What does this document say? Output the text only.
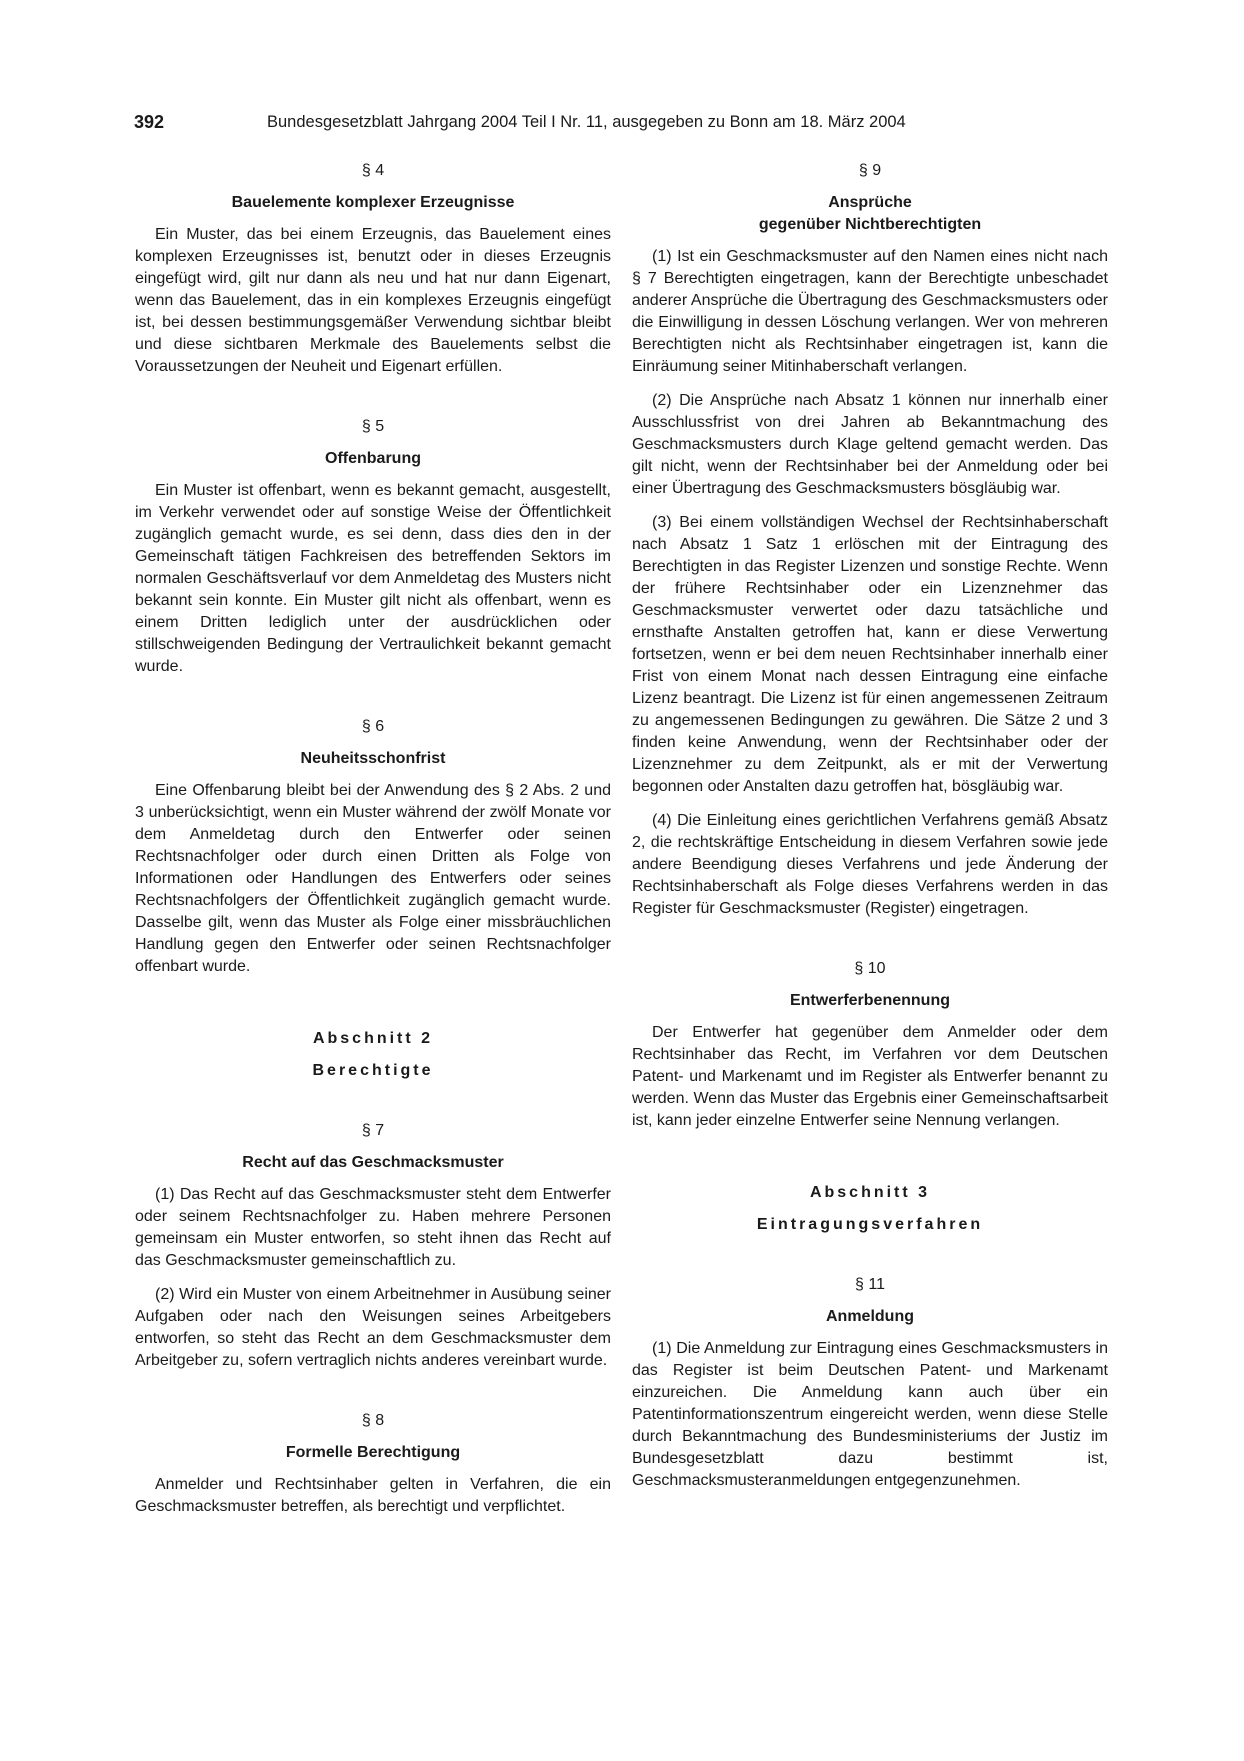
392	Bundesgesetzblatt Jahrgang 2004 Teil I Nr. 11, ausgegeben zu Bonn am 18. März 2004

§ 4

Bauelemente komplexer Erzeugnisse

Ein Muster, das bei einem Erzeugnis, das Bauelement eines komplexen Erzeugnisses ist, benutzt oder in dieses Erzeugnis eingefügt wird, gilt nur dann als neu und hat nur dann Eigenart, wenn das Bauelement, das in ein komplexes Erzeugnis eingefügt ist, bei dessen bestimmungsgemäßer Verwendung sichtbar bleibt und diese sichtbaren Merkmale des Bauelements selbst die Voraussetzungen der Neuheit und Eigenart erfüllen.

§ 5

Offenbarung

Ein Muster ist offenbart, wenn es bekannt gemacht, ausgestellt, im Verkehr verwendet oder auf sonstige Weise der Öffentlichkeit zugänglich gemacht wurde, es sei denn, dass dies den in der Gemeinschaft tätigen Fachkreisen des betreffenden Sektors im normalen Geschäftsverlauf vor dem Anmeldetag des Musters nicht bekannt sein konnte. Ein Muster gilt nicht als offenbart, wenn es einem Dritten lediglich unter der ausdrücklichen oder stillschweigenden Bedingung der Vertraulichkeit bekannt gemacht wurde.

§ 6

Neuheitsschonfrist

Eine Offenbarung bleibt bei der Anwendung des § 2 Abs. 2 und 3 unberücksichtigt, wenn ein Muster während der zwölf Monate vor dem Anmeldetag durch den Entwerfer oder seinen Rechtsnachfolger oder durch einen Dritten als Folge von Informationen oder Handlungen des Entwerfers oder seines Rechtsnachfolgers der Öffentlichkeit zugänglich gemacht wurde. Dasselbe gilt, wenn das Muster als Folge einer missbräuchlichen Handlung gegen den Entwerfer oder seinen Rechtsnachfolger offenbart wurde.

Abschnitt 2

Berechtigte

§ 7

Recht auf das Geschmacksmuster

(1) Das Recht auf das Geschmacksmuster steht dem Entwerfer oder seinem Rechtsnachfolger zu. Haben mehrere Personen gemeinsam ein Muster entworfen, so steht ihnen das Recht auf das Geschmacksmuster gemeinschaftlich zu.

(2) Wird ein Muster von einem Arbeitnehmer in Ausübung seiner Aufgaben oder nach den Weisungen seines Arbeitgebers entworfen, so steht das Recht an dem Geschmacksmuster dem Arbeitgeber zu, sofern vertraglich nichts anderes vereinbart wurde.

§ 8

Formelle Berechtigung

Anmelder und Rechtsinhaber gelten in Verfahren, die ein Geschmacksmuster betreffen, als berechtigt und verpflichtet.

§ 9

Ansprüche

gegenüber Nichtberechtigten

(1) Ist ein Geschmacksmuster auf den Namen eines nicht nach § 7 Berechtigten eingetragen, kann der Berechtigte unbeschadet anderer Ansprüche die Übertragung des Geschmacksmusters oder die Einwilligung in dessen Löschung verlangen. Wer von mehreren Berechtigten nicht als Rechtsinhaber eingetragen ist, kann die Einräumung seiner Mitinhaberschaft verlangen.

(2) Die Ansprüche nach Absatz 1 können nur innerhalb einer Ausschlussfrist von drei Jahren ab Bekanntmachung des Geschmacksmusters durch Klage geltend gemacht werden. Das gilt nicht, wenn der Rechtsinhaber bei der Anmeldung oder bei einer Übertragung des Geschmacksmusters bösgläubig war.

(3) Bei einem vollständigen Wechsel der Rechtsinhaberschaft nach Absatz 1 Satz 1 erlöschen mit der Eintragung des Berechtigten in das Register Lizenzen und sonstige Rechte. Wenn der frühere Rechtsinhaber oder ein Lizenznehmer das Geschmacksmuster verwertet oder dazu tatsächliche und ernsthafte Anstalten getroffen hat, kann er diese Verwertung fortsetzen, wenn er bei dem neuen Rechtsinhaber innerhalb einer Frist von einem Monat nach dessen Eintragung eine einfache Lizenz beantragt. Die Lizenz ist für einen angemessenen Zeitraum zu angemessenen Bedingungen zu gewähren. Die Sätze 2 und 3 finden keine Anwendung, wenn der Rechtsinhaber oder der Lizenznehmer zu dem Zeitpunkt, als er mit der Verwertung begonnen oder Anstalten dazu getroffen hat, bösgläubig war.

(4) Die Einleitung eines gerichtlichen Verfahrens gemäß Absatz 2, die rechtskräftige Entscheidung in diesem Verfahren sowie jede andere Beendigung dieses Verfahrens und jede Änderung der Rechtsinhaberschaft als Folge dieses Verfahrens werden in das Register für Geschmacksmuster (Register) eingetragen.

§ 10

Entwerferbenennung

Der Entwerfer hat gegenüber dem Anmelder oder dem Rechtsinhaber das Recht, im Verfahren vor dem Deutschen Patent- und Markenamt und im Register als Entwerfer benannt zu werden. Wenn das Muster das Ergebnis einer Gemeinschaftsarbeit ist, kann jeder einzelne Entwerfer seine Nennung verlangen.

Abschnitt 3

Eintragungsverfahren

§ 11

Anmeldung

(1) Die Anmeldung zur Eintragung eines Geschmacksmusters in das Register ist beim Deutschen Patent- und Markenamt einzureichen. Die Anmeldung kann auch über ein Patentinformationszentrum eingereicht werden, wenn diese Stelle durch Bekanntmachung des Bundesministeriums der Justiz im Bundesgesetzblatt dazu bestimmt ist, Geschmacksmusteranmeldungen entgegenzunehmen.
